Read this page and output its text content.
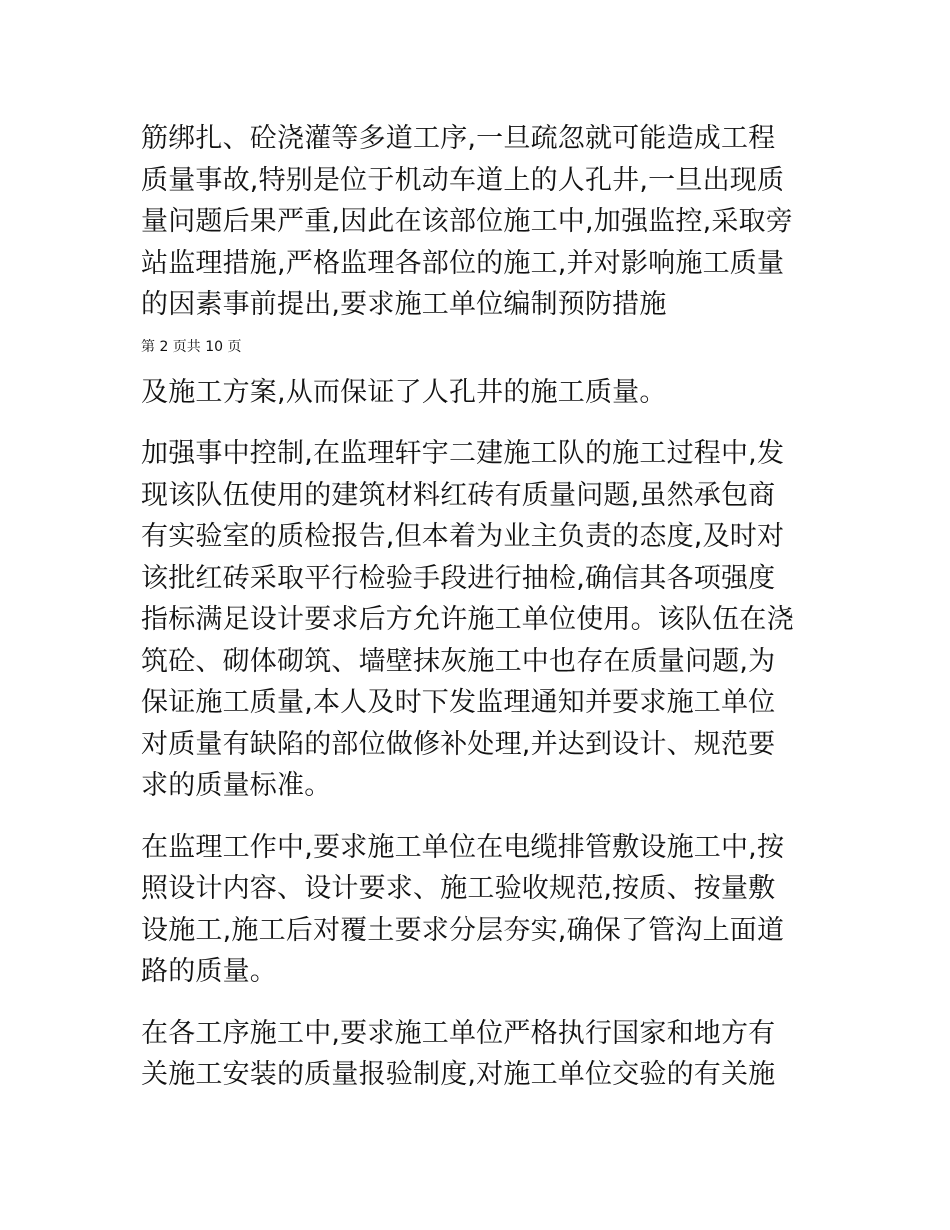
筋绑扎、砼浇灌等多道工序,一旦疏忽就可能造成工程
质量事故,特别是位于机动车道上的人孔井,一旦出现质
量问题后果严重,因此在该部位施工中,加强监控,采取旁
站监理措施,严格监理各部位的施工,并对影响施工质量
的因素事前提出,要求施工单位编制预防措施

第 2 页共 10 页

及施工方案,从而保证了人孔井的施工质量。

加强事中控制,在监理轩宇二建施工队的施工过程中,发
现该队伍使用的建筑材料红砖有质量问题,虽然承包商
有实验室的质检报告,但本着为业主负责的态度,及时对
该批红砖采取平行检验手段进行抽检,确信其各项强度
指标满足设计要求后方允许施工单位使用。该队伍在浇
筑砼、砌体砌筑、墙壁抹灰施工中也存在质量问题,为
保证施工质量,本人及时下发监理通知并要求施工单位
对质量有缺陷的部位做修补处理,并达到设计、规范要
求的质量标准。

在监理工作中,要求施工单位在电缆排管敷设施工中,按
照设计内容、设计要求、施工验收规范,按质、按量敷
设施工,施工后对覆土要求分层夯实,确保了管沟上面道
路的质量。

在各工序施工中,要求施工单位严格执行国家和地方有
关施工安装的质量报验制度,对施工单位交验的有关施
